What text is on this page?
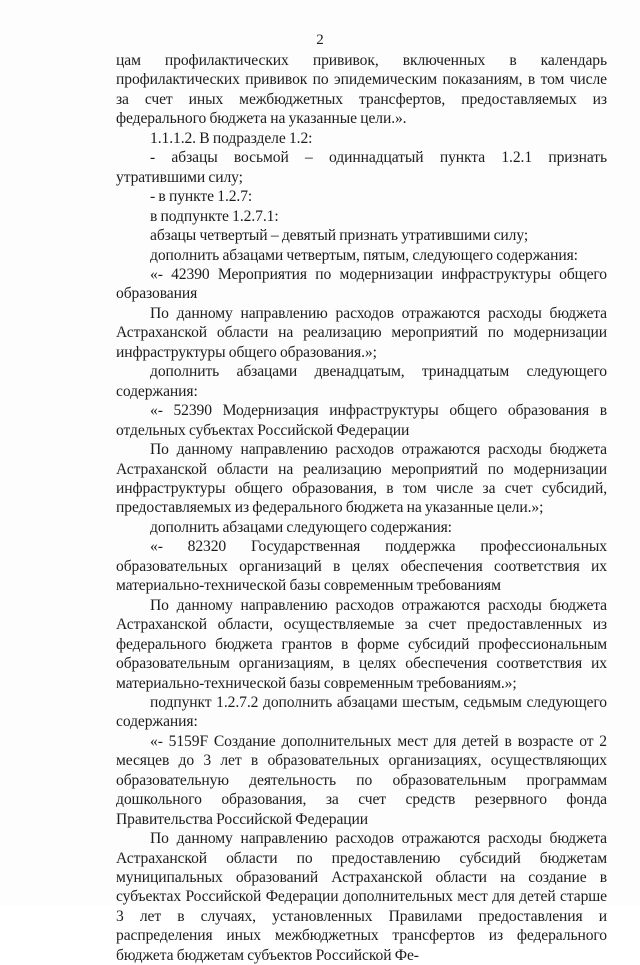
2

цам профилактических прививок, включенных в календарь профилактических прививок по эпидемическим показаниям, в том числе за счет иных межбюджетных трансфертов, предоставляемых из федерального бюджета на указанные цели.».

1.1.1.2. В подразделе 1.2:

- абзацы восьмой – одиннадцатый пункта 1.2.1 признать утратившими силу;

- в пункте 1.2.7:

в подпункте 1.2.7.1:

абзацы четвертый – девятый признать утратившими силу;

дополнить абзацами четвертым, пятым, следующего содержания:

«- 42390 Мероприятия по модернизации инфраструктуры общего образования

По данному направлению расходов отражаются расходы бюджета Астраханской области на реализацию мероприятий по модернизации инфраструктуры общего образования.»;

дополнить абзацами двенадцатым, тринадцатым следующего содержания:

«- 52390 Модернизация инфраструктуры общего образования в отдельных субъектах Российской Федерации

По данному направлению расходов отражаются расходы бюджета Астраханской области на реализацию мероприятий по модернизации инфраструктуры общего образования, в том числе за счет субсидий, предоставляемых из федерального бюджета на указанные цели.»;

дополнить абзацами следующего содержания:

«- 82320 Государственная поддержка профессиональных образовательных организаций в целях обеспечения соответствия их материально-технической базы современным требованиям

По данному направлению расходов отражаются расходы бюджета Астраханской области, осуществляемые за счет предоставленных из федерального бюджета грантов в форме субсидий профессиональным образовательным организациям, в целях обеспечения соответствия их материально-технической базы современным требованиям.»;

подпункт 1.2.7.2 дополнить абзацами шестым, седьмым следующего содержания:

«- 5159F Создание дополнительных мест для детей в возрасте от 2 месяцев до 3 лет в образовательных организациях, осуществляющих образовательную деятельность по образовательным программам дошкольного образования, за счет средств резервного фонда Правительства Российской Федерации

По данному направлению расходов отражаются расходы бюджета Астраханской области по предоставлению субсидий бюджетам муниципальных образований Астраханской области на создание в субъектах Российской Федерации дополнительных мест для детей старше 3 лет в случаях, установленных Правилами предоставления и распределения иных межбюджетных трансфертов из федерального бюджета бюджетам субъектов Российской Фе-
